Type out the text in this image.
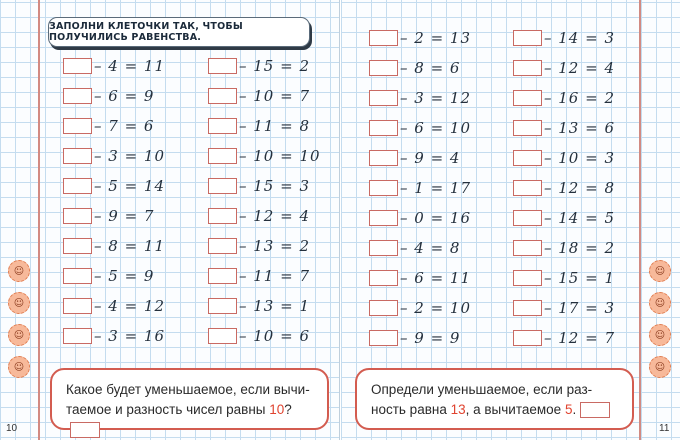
ЗАПОЛНИ КЛЕТОЧКИ ТАК, ЧТОБЫ ПОЛУЧИЛИСЬ РАВЕНСТВА.
– 4 = 11
– 6 = 9
– 7 = 6
– 3 = 10
– 5 = 14
– 9 = 7
– 8 = 11
– 5 = 9
– 4 = 12
– 3 = 16
– 15 = 2
– 10 = 7
– 11 = 8
– 10 = 10
– 15 = 3
– 12 = 4
– 13 = 2
– 11 = 7
– 13 = 1
– 10 = 6
☺
☺
☺
☺
Какое будет уменьшаемое, если вычи-таемое и разность чисел равны 10?
10
– 2 = 13
– 8 = 6
– 3 = 12
– 6 = 10
– 9 = 4
– 1 = 17
– 0 = 16
– 4 = 8
– 6 = 11
– 2 = 10
– 9 = 9
– 14 = 3
– 12 = 4
– 16 = 2
– 13 = 6
– 10 = 3
– 12 = 8
– 14 = 5
– 18 = 2
– 15 = 1
– 17 = 3
– 12 = 7
☺
☺
☺
☺
11
Определи уменьшаемое, если раз-ность равна 13, а вычитаемое 5.
